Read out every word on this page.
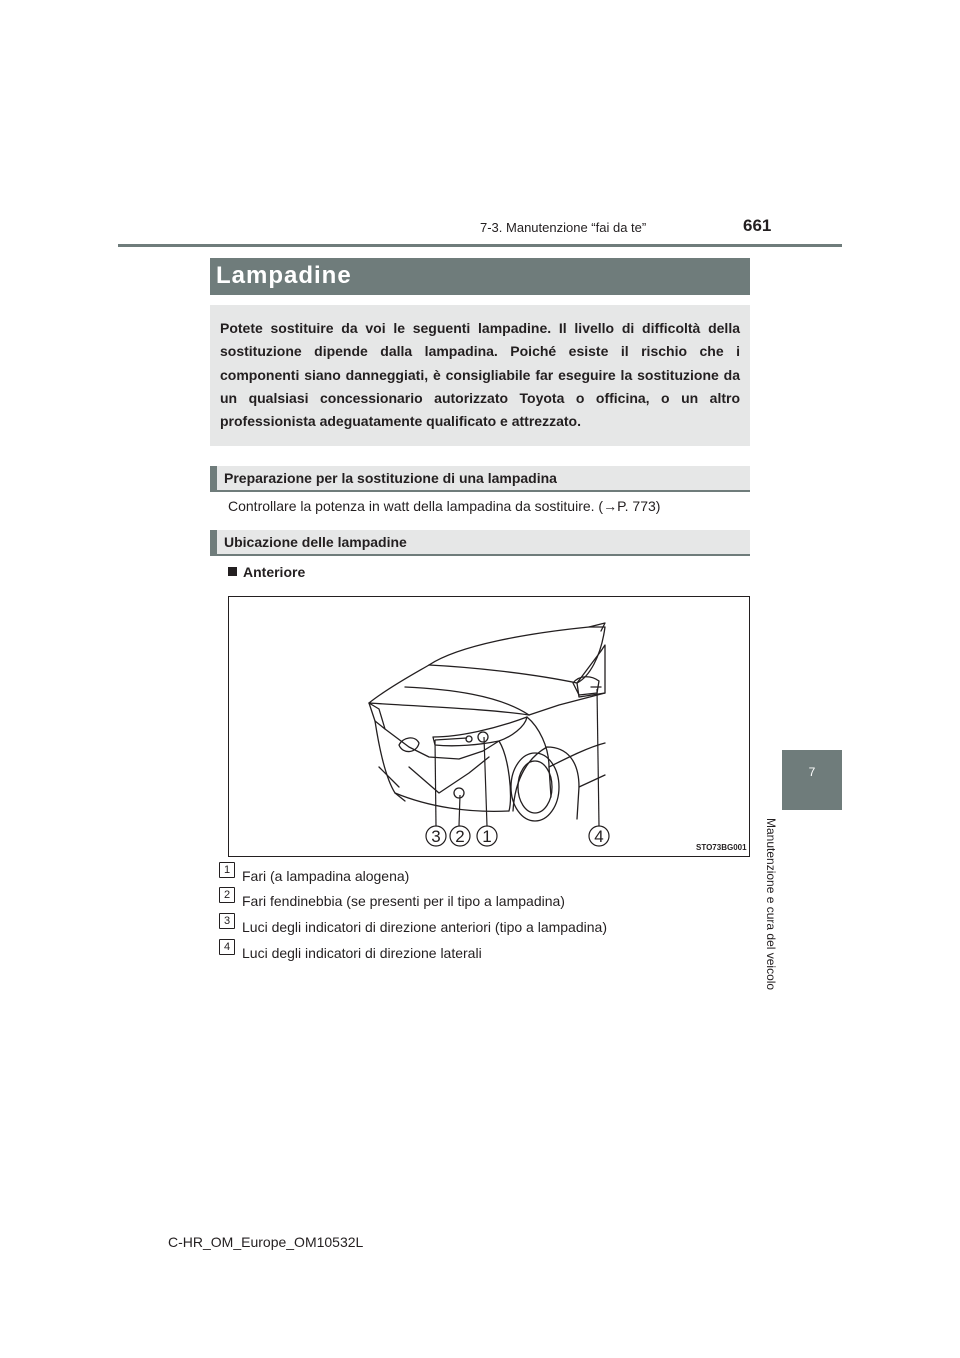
7-3. Manutenzione “fai da te”	661
7
Manutenzione e cura del veicolo
Lampadine

Potete sostituire da voi le seguenti lampadine. Il livello di difficoltà della sostituzione dipende dalla lampadina. Poiché esiste il rischio che i componenti siano danneggiati, è consigliabile far eseguire la sostituzione da un qualsiasi concessionario autorizzato Toyota o officina, o un altro professionista adeguatamente qualificato e attrezzato.

Preparazione per la sostituzione di una lampadina
Controllare la potenza in watt della lampadina da sostituire. (→P. 773)
Ubicazione delle lampadine
Anteriore
3 2 1	4
STO73BG001
1 Fari (a lampadina alogena)
2 Fari fendinebbia (se presenti per il tipo a lampadina)
3 Luci degli indicatori di direzione anteriori (tipo a lampadina)
4 Luci degli indicatori di direzione laterali
C-HR_OM_Europe_OM10532L
